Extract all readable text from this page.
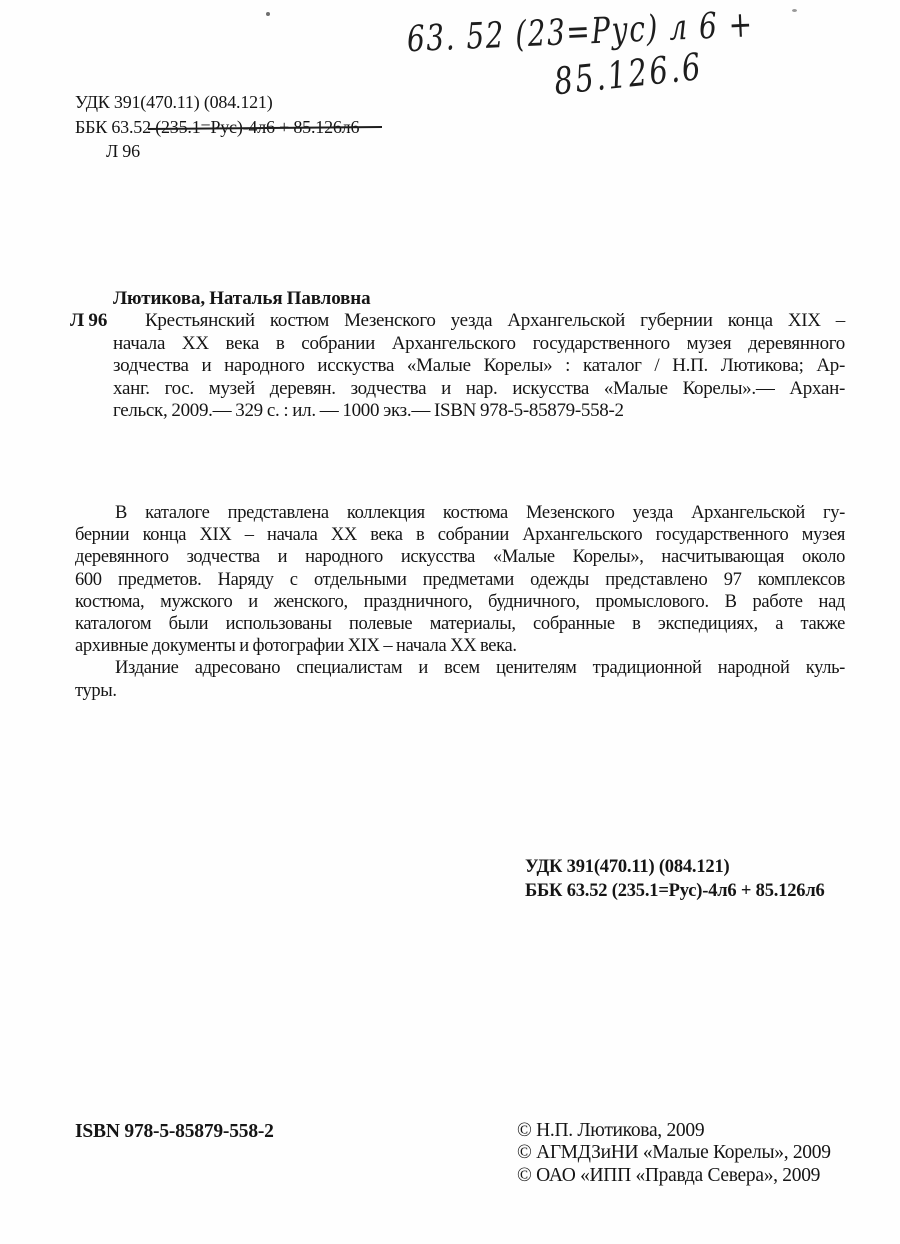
63. 52 (23=Рус) л 6 +
85.126.6
УДК 391(470.11) (084.121)
ББК 63.52 (235.1=Рус)-4л6 + 85.126л6
Л 96
Л 96
Лютикова, Наталья Павловна
Крестьянский костюм Мезенского уезда Архангельской губернии конца XIX –
начала XX века в собрании Архангельского государственного музея деревянного
зодчества и народного исскуства «Малые Корелы» : каталог / Н.П. Лютикова; Ар-
ханг. гос. музей деревян. зодчества и нар. искусства «Малые Корелы».— Архан-
гельск, 2009.— 329 с. : ил. — 1000 экз.— ISBN 978-5-85879-558-2
В каталоге представлена коллекция костюма Мезенского уезда Архангельской гу-
бернии конца XIX – начала XX века в собрании Архангельского государственного музея
деревянного зодчества и народного искусства «Малые Корелы», насчитывающая около
600 предметов. Наряду с отдельными предметами одежды представлено 97 комплексов
костюма, мужского и женского, праздничного, будничного, промыслового. В работе над
каталогом были использованы полевые материалы, собранные в экспедициях, а также
архивные документы и фотографии XIX – начала XX века.
Издание адресовано специалистам и всем ценителям традиционной народной куль-
туры.
УДК 391(470.11) (084.121)
ББК 63.52 (235.1=Рус)-4л6 + 85.126л6
ISBN 978-5-85879-558-2	© Н.П. Лютикова, 2009
© АГМДЗиНИ «Малые Корелы», 2009
© ОАО «ИПП «Правда Севера», 2009
